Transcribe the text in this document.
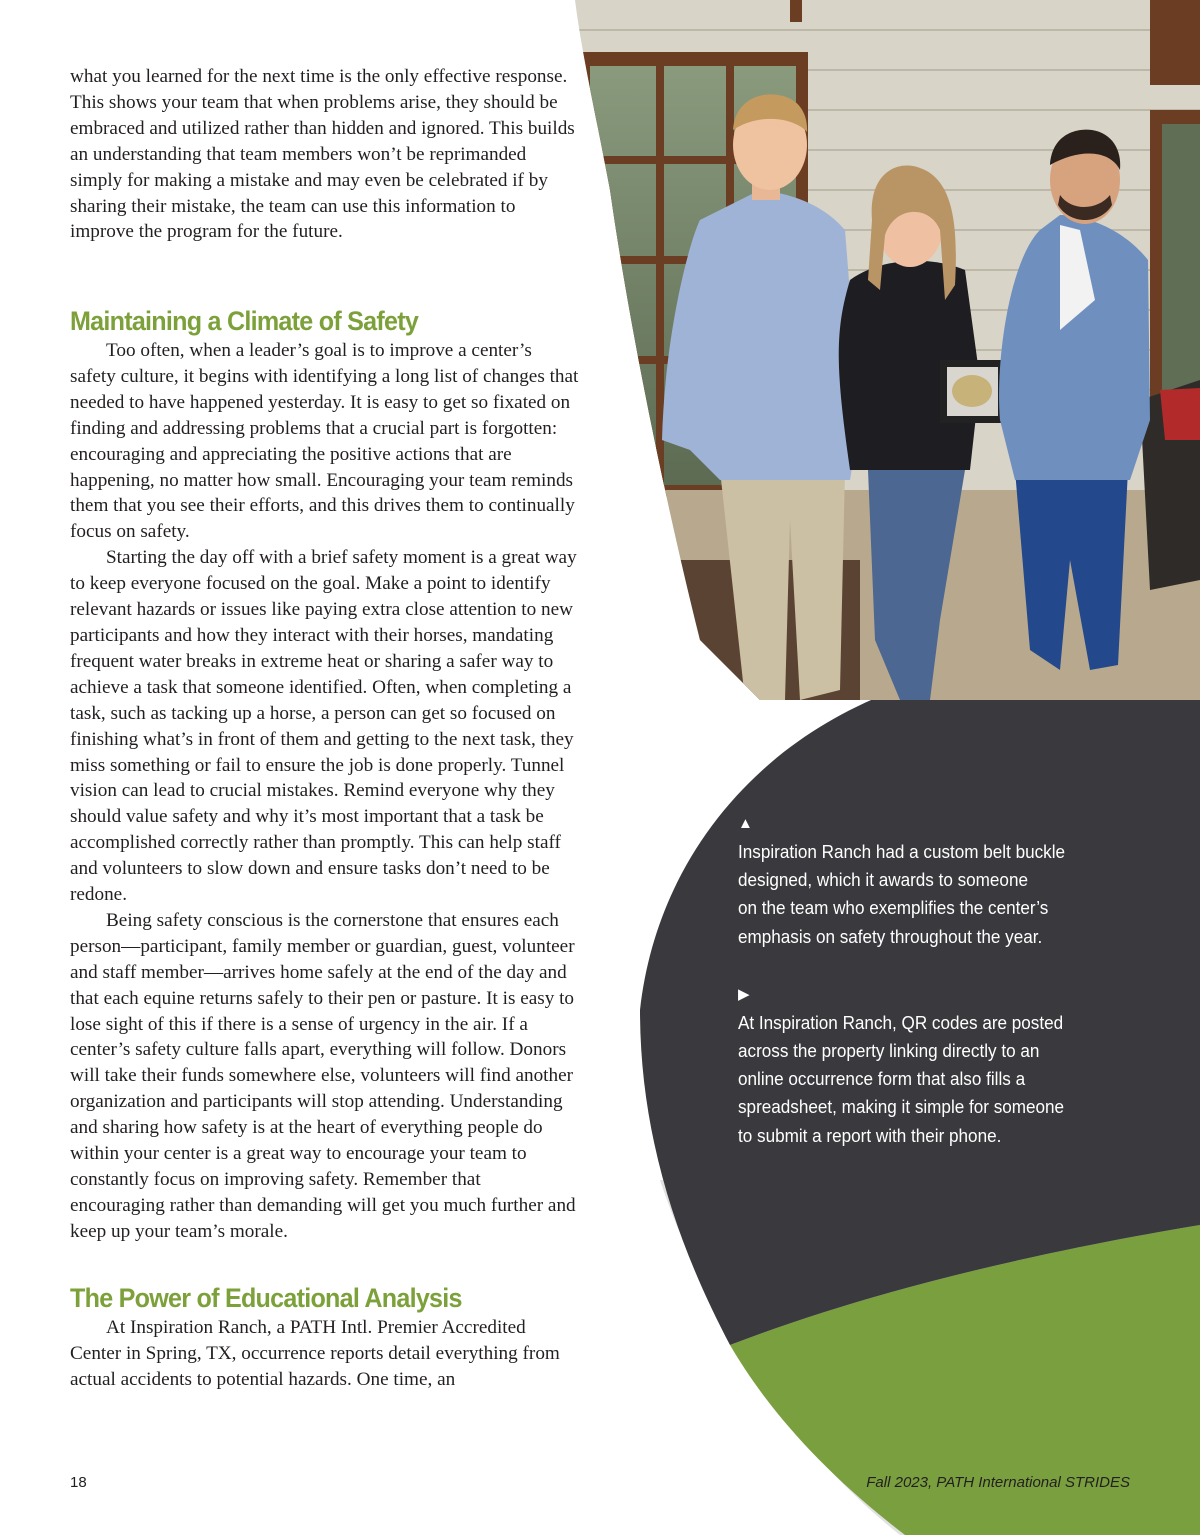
what you learned for the next time is the only effective response. This shows your team that when problems arise, they should be embraced and utilized rather than hidden and ignored. This builds an understanding that team members won’t be reprimanded simply for making a mistake and may even be celebrated if by sharing their mistake, the team can use this information to improve the program for the future.

Maintaining a Climate of Safety

Too often, when a leader’s goal is to improve a center’s safety culture, it begins with identifying a long list of changes that needed to have happened yesterday. It is easy to get so fixated on finding and addressing problems that a crucial part is forgotten: encouraging and appreciating the positive actions that are happening, no matter how small. Encouraging your team reminds them that you see their efforts, and this drives them to continually focus on safety.

Starting the day off with a brief safety moment is a great way to keep everyone focused on the goal. Make a point to identify relevant hazards or issues like paying extra close attention to new participants and how they interact with their horses, mandating frequent water breaks in extreme heat or sharing a safer way to achieve a task that someone identified. Often, when completing a task, such as tacking up a horse, a person can get so focused on finishing what’s in front of them and getting to the next task, they miss something or fail to ensure the job is done properly. Tunnel vision can lead to crucial mistakes. Remind everyone why they should value safety and why it’s most important that a task be accomplished correctly rather than promptly. This can help staff and volunteers to slow down and ensure tasks don’t need to be redone.

Being safety conscious is the cornerstone that ensures each person—participant, family member or guardian, guest, volunteer and staff member—arrives home safely at the end of the day and that each equine returns safely to their pen or pasture. It is easy to lose sight of this if there is a sense of urgency in the air. If a center’s safety culture falls apart, everything will follow. Donors will take their funds somewhere else, volunteers will find another organization and participants will stop attending. Understanding and sharing how safety is at the heart of everything people do within your center is a great way to encourage your team to constantly focus on improving safety. Remember that encouraging rather than demanding will get you much further and keep up your team’s morale.

The Power of Educational Analysis

At Inspiration Ranch, a PATH Intl. Premier Accredited Center in Spring, TX, occurrence reports detail everything from actual accidents to potential hazards. One time, an

▲

Inspiration Ranch had a custom belt buckle

designed, which it awards to someone

on the team who exemplifies the center’s

emphasis on safety throughout the year.

▶

At Inspiration Ranch, QR codes are posted

across the property linking directly to an

online occurrence form that also fills a

spreadsheet, making it simple for someone

to submit a report with their phone.

18	Fall 2023, PATH International STRIDES
